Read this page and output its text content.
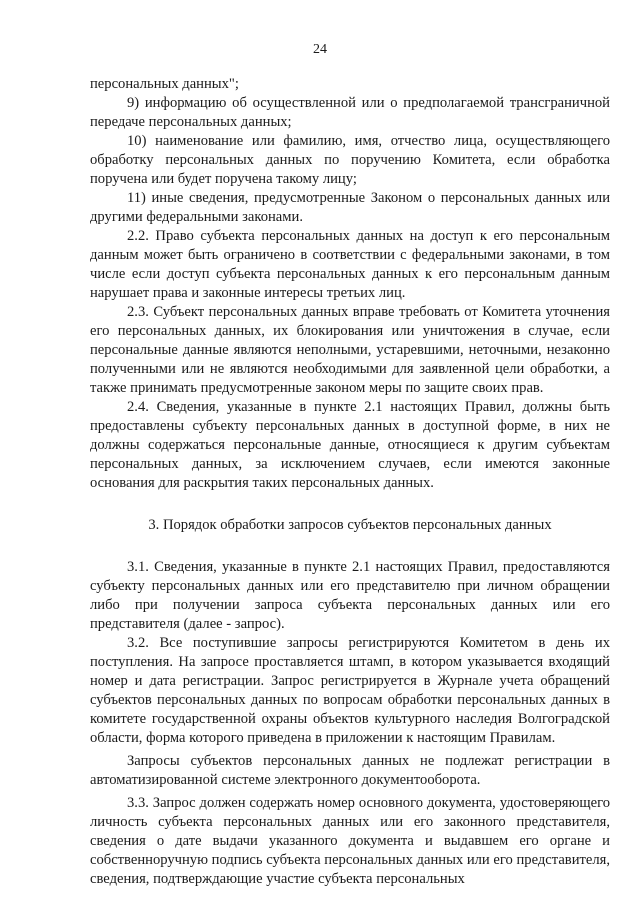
24

персональных данных";

9) информацию об осуществленной или о предполагаемой трансграничной передаче персональных данных;

10) наименование или фамилию, имя, отчество лица, осуществляющего обработку персональных данных по поручению Комитета, если обработка поручена или будет поручена такому лицу;

11) иные сведения, предусмотренные Законом о персональных данных или другими федеральными законами.

2.2. Право субъекта персональных данных на доступ к его персональным данным может быть ограничено в соответствии с федеральными законами, в том числе если доступ субъекта персональных данных к его персональным данным нарушает права и законные интересы третьих лиц.

2.3. Субъект персональных данных вправе требовать от Комитета уточнения его персональных данных, их блокирования или уничтожения в случае, если персональные данные являются неполными, устаревшими, неточными, незаконно полученными или не являются необходимыми для заявленной цели обработки, а также принимать предусмотренные законом меры по защите своих прав.

2.4. Сведения, указанные в пункте 2.1 настоящих Правил, должны быть предоставлены субъекту персональных данных в доступной форме, в них не должны содержаться персональные данные, относящиеся к другим субъектам персональных данных, за исключением случаев, если имеются законные основания для раскрытия таких персональных данных.

3. Порядок обработки запросов субъектов персональных данных

3.1. Сведения, указанные в пункте 2.1 настоящих Правил, предоставляются субъекту персональных данных или его представителю при личном обращении либо при получении запроса субъекта персональных данных или его представителя (далее - запрос).

3.2. Все поступившие запросы регистрируются Комитетом в день их поступления. На запросе проставляется штамп, в котором указывается входящий номер и дата регистрации. Запрос регистрируется в Журнале учета обращений субъектов персональных данных по вопросам обработки персональных данных в комитете государственной охраны объектов культурного наследия Волгоградской области, форма которого приведена в приложении к настоящим Правилам.

Запросы субъектов персональных данных не подлежат регистрации в автоматизированной системе электронного документооборота.

3.3. Запрос должен содержать номер основного документа, удостоверяющего личность субъекта персональных данных или его законного представителя, сведения о дате выдачи указанного документа и выдавшем его органе и собственноручную подпись субъекта персональных данных или его представителя, сведения, подтверждающие участие субъекта персональных
